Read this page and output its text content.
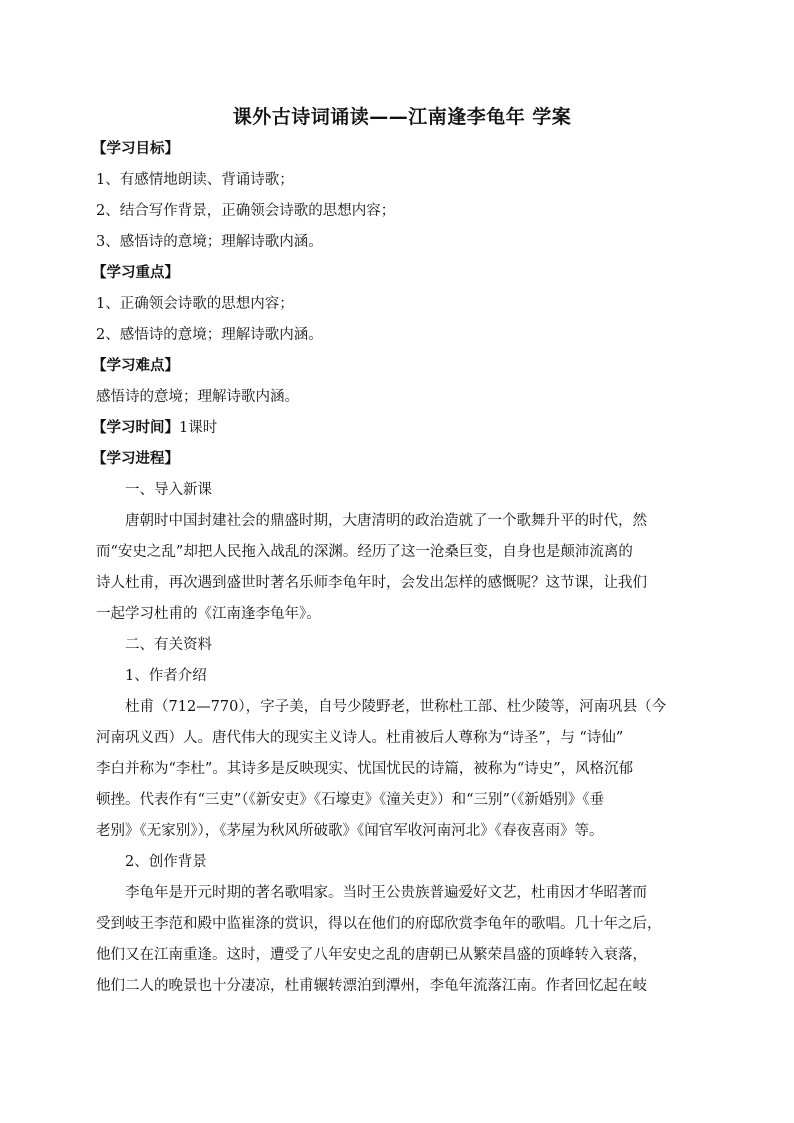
课外古诗词诵读——江南逢李龟年 学案
【学习目标】
1、有感情地朗读、背诵诗歌；
2、结合写作背景，正确领会诗歌的思想内容；
3、感悟诗的意境；理解诗歌内涵。
【学习重点】
1、正确领会诗歌的思想内容；
2、感悟诗的意境；理解诗歌内涵。
【学习难点】
感悟诗的意境；理解诗歌内涵。
【学习时间】1课时
【学习进程】
一、导入新课
唐朝时中国封建社会的鼎盛时期，大唐清明的政治造就了一个歌舞升平的时代，然
而“安史之乱”却把人民拖入战乱的深渊。经历了这一沧桑巨变，自身也是颠沛流离的
诗人杜甫，再次遇到盛世时著名乐师李龟年时，会发出怎样的感慨呢？这节课，让我们
一起学习杜甫的《江南逢李龟年》。
二、有关资料
1、作者介绍
杜甫（712—770），字子美，自号少陵野老，世称杜工部、杜少陵等，河南巩县（今
河南巩义西）人。唐代伟大的现实主义诗人。杜甫被后人尊称为“诗圣”，与 “诗仙”
李白并称为“李杜”。其诗多是反映现实、忧国忧民的诗篇，被称为“诗史”，风格沉郁
顿挫。代表作有“三吏”（《新安吏》《石壕吏》《潼关吏》）和“三别”（《新婚别》《垂
老别》《无家别》），《茅屋为秋风所破歌》《闻官军收河南河北》《春夜喜雨》等。
2、创作背景
李龟年是开元时期的著名歌唱家。当时王公贵族普遍爱好文艺，杜甫因才华昭著而
受到岐王李范和殿中监崔涤的赏识，得以在他们的府邸欣赏李龟年的歌唱。几十年之后，
他们又在江南重逢。这时，遭受了八年安史之乱的唐朝已从繁荣昌盛的顶峰转入衰落，
他们二人的晚景也十分凄凉，杜甫辗转漂泊到潭州，李龟年流落江南。作者回忆起在岐
